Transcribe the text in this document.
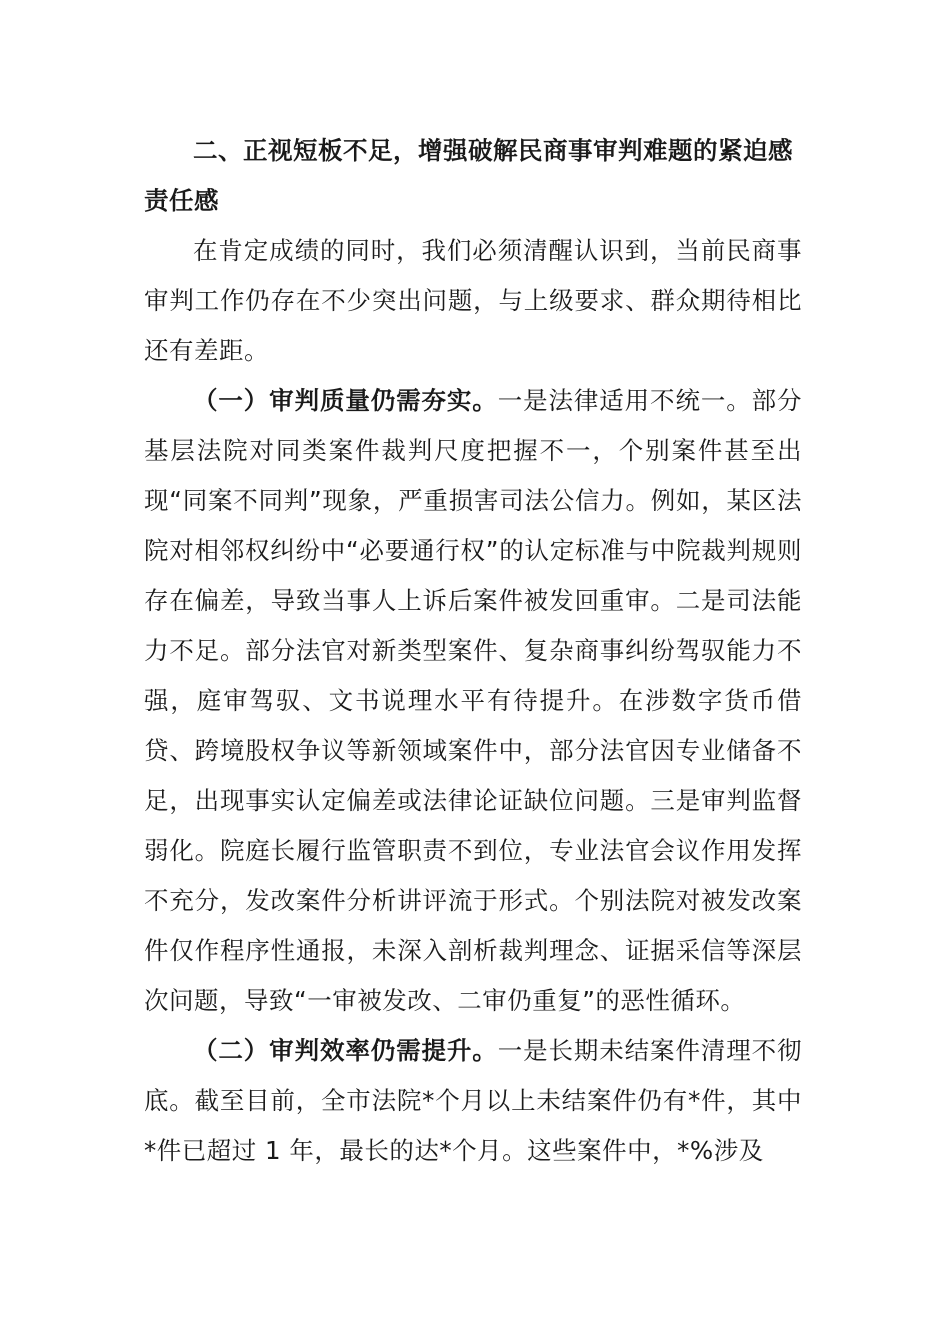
二、正视短板不足，增强破解民商事审判难题的紧迫感责任感

在肯定成绩的同时，我们必须清醒认识到，当前民商事审判工作仍存在不少突出问题，与上级要求、群众期待相比还有差距。

（一）审判质量仍需夯实。一是法律适用不统一。部分基层法院对同类案件裁判尺度把握不一，个别案件甚至出现“同案不同判”现象，严重损害司法公信力。例如，某区法院对相邻权纠纷中“必要通行权”的认定标准与中院裁判规则存在偏差，导致当事人上诉后案件被发回重审。二是司法能力不足。部分法官对新类型案件、复杂商事纠纷驾驭能力不强，庭审驾驭、文书说理水平有待提升。在涉数字货币借贷、跨境股权争议等新领域案件中，部分法官因专业储备不足，出现事实认定偏差或法律论证缺位问题。三是审判监督弱化。院庭长履行监管职责不到位，专业法官会议作用发挥不充分，发改案件分析讲评流于形式。个别法院对被发改案件仅作程序性通报，未深入剖析裁判理念、证据采信等深层次问题，导致“一审被发改、二审仍重复”的恶性循环。

（二）审判效率仍需提升。一是长期未结案件清理不彻底。截至目前，全市法院*个月以上未结案件仍有*件，其中*件已超过 1 年，最长的达*个月。这些案件中，*%涉及
